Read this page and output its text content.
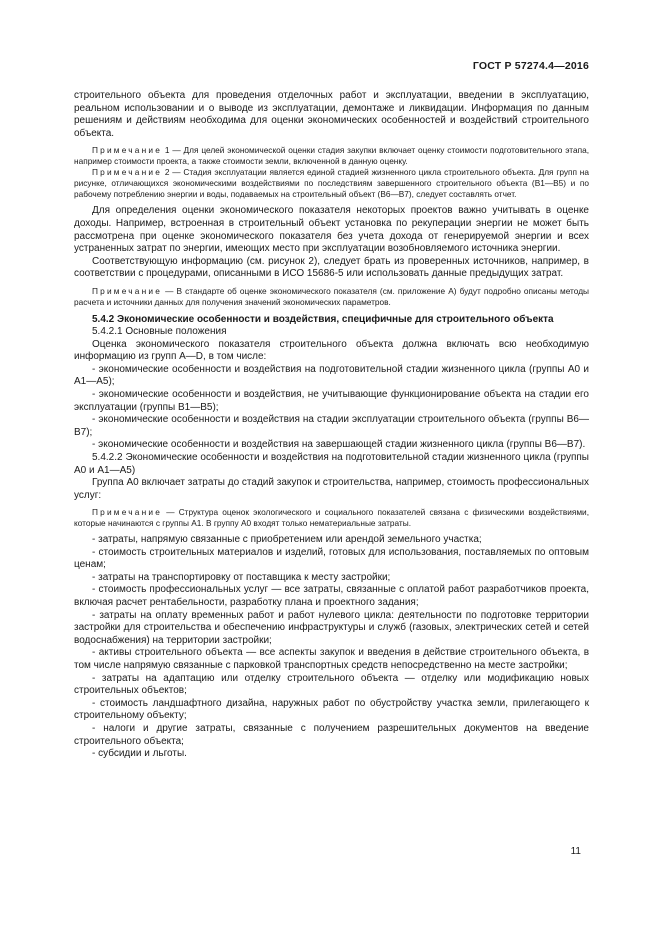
ГОСТ Р 57274.4—2016

строительного объекта для проведения отделочных работ и эксплуатации, введении в эксплуатацию, реальном использовании и о выводе из эксплуатации, демонтаже и ликвидации. Информация по данным решениям и действиям необходима для оценки экономических особенностей и воздействий строительного объекта.

Примечание 1 — Для целей экономической оценки стадия закупки включает оценку стоимости подготовительного этапа, например стоимости проекта, а также стоимости земли, включенной в данную оценку.

Примечание 2 — Стадия эксплуатации является единой стадией жизненного цикла строительного объекта. Для групп на рисунке, отличающихся экономическими воздействиями по последствиям завершенного строительного объекта (B1—B5) и по рабочему потреблению энергии и воды, подаваемых на строительный объект (B6—B7), следует составлять отчет.

Для определения оценки экономического показателя некоторых проектов важно учитывать в оценке доходы. Например, встроенная в строительный объект установка по рекуперации энергии не может быть рассмотрена при оценке экономического показателя без учета дохода от генерируемой энергии и всех устраненных затрат по энергии, имеющих место при эксплуатации возобновляемого источника энергии.

Соответствующую информацию (см. рисунок 2), следует брать из проверенных источников, например, в соответствии с процедурами, описанными в ИСО 15686-5 или использовать данные предыдущих затрат.

Примечание — В стандарте об оценке экономического показателя (см. приложение А) будут подробно описаны методы расчета и источники данных для получения значений экономических параметров.

5.4.2 Экономические особенности и воздействия, специфичные для строительного объекта

5.4.2.1 Основные положения

Оценка экономического показателя строительного объекта должна включать всю необходимую информацию из групп A—D, в том числе:

- экономические особенности и воздействия на подготовительной стадии жизненного цикла (группы A0 и A1—A5);

- экономические особенности и воздействия, не учитывающие функционирование объекта на стадии его эксплуатации (группы B1—B5);

- экономические особенности и воздействия на стадии эксплуатации строительного объекта (группы B6—B7);

- экономические особенности и воздействия на завершающей стадии жизненного цикла (группы B6—B7).

5.4.2.2 Экономические особенности и воздействия на подготовительной стадии жизненного цикла (группы A0 и A1—A5)

Группа A0 включает затраты до стадий закупок и строительства, например, стоимость профессиональных услуг:

Примечание — Структура оценок экологического и социального показателей связана с физическими воздействиями, которые начинаются с группы A1. В группу A0 входят только нематериальные затраты.

- затраты, напрямую связанные с приобретением или арендой земельного участка;

- стоимость строительных материалов и изделий, готовых для использования, поставляемых по оптовым ценам;

- затраты на транспортировку от поставщика к месту застройки;

- стоимость профессиональных услуг — все затраты, связанные с оплатой работ разработчиков проекта, включая расчет рентабельности, разработку плана и проектного задания;

- затраты на оплату временных работ и работ нулевого цикла: деятельности по подготовке территории застройки для строительства и обеспечению инфраструктуры и служб (газовых, электрических сетей и сетей водоснабжения) на территории застройки;

- активы строительного объекта — все аспекты закупок и введения в действие строительного объекта, в том числе напрямую связанные с парковкой транспортных средств непосредственно на месте застройки;

- затраты на адаптацию или отделку строительного объекта — отделку или модификацию новых строительных объектов;

- стоимость ландшафтного дизайна, наружных работ по обустройству участка земли, прилегающего к строительному объекту;

- налоги и другие затраты, связанные с получением разрешительных документов на введение строительного объекта;

- субсидии и льготы.

11
